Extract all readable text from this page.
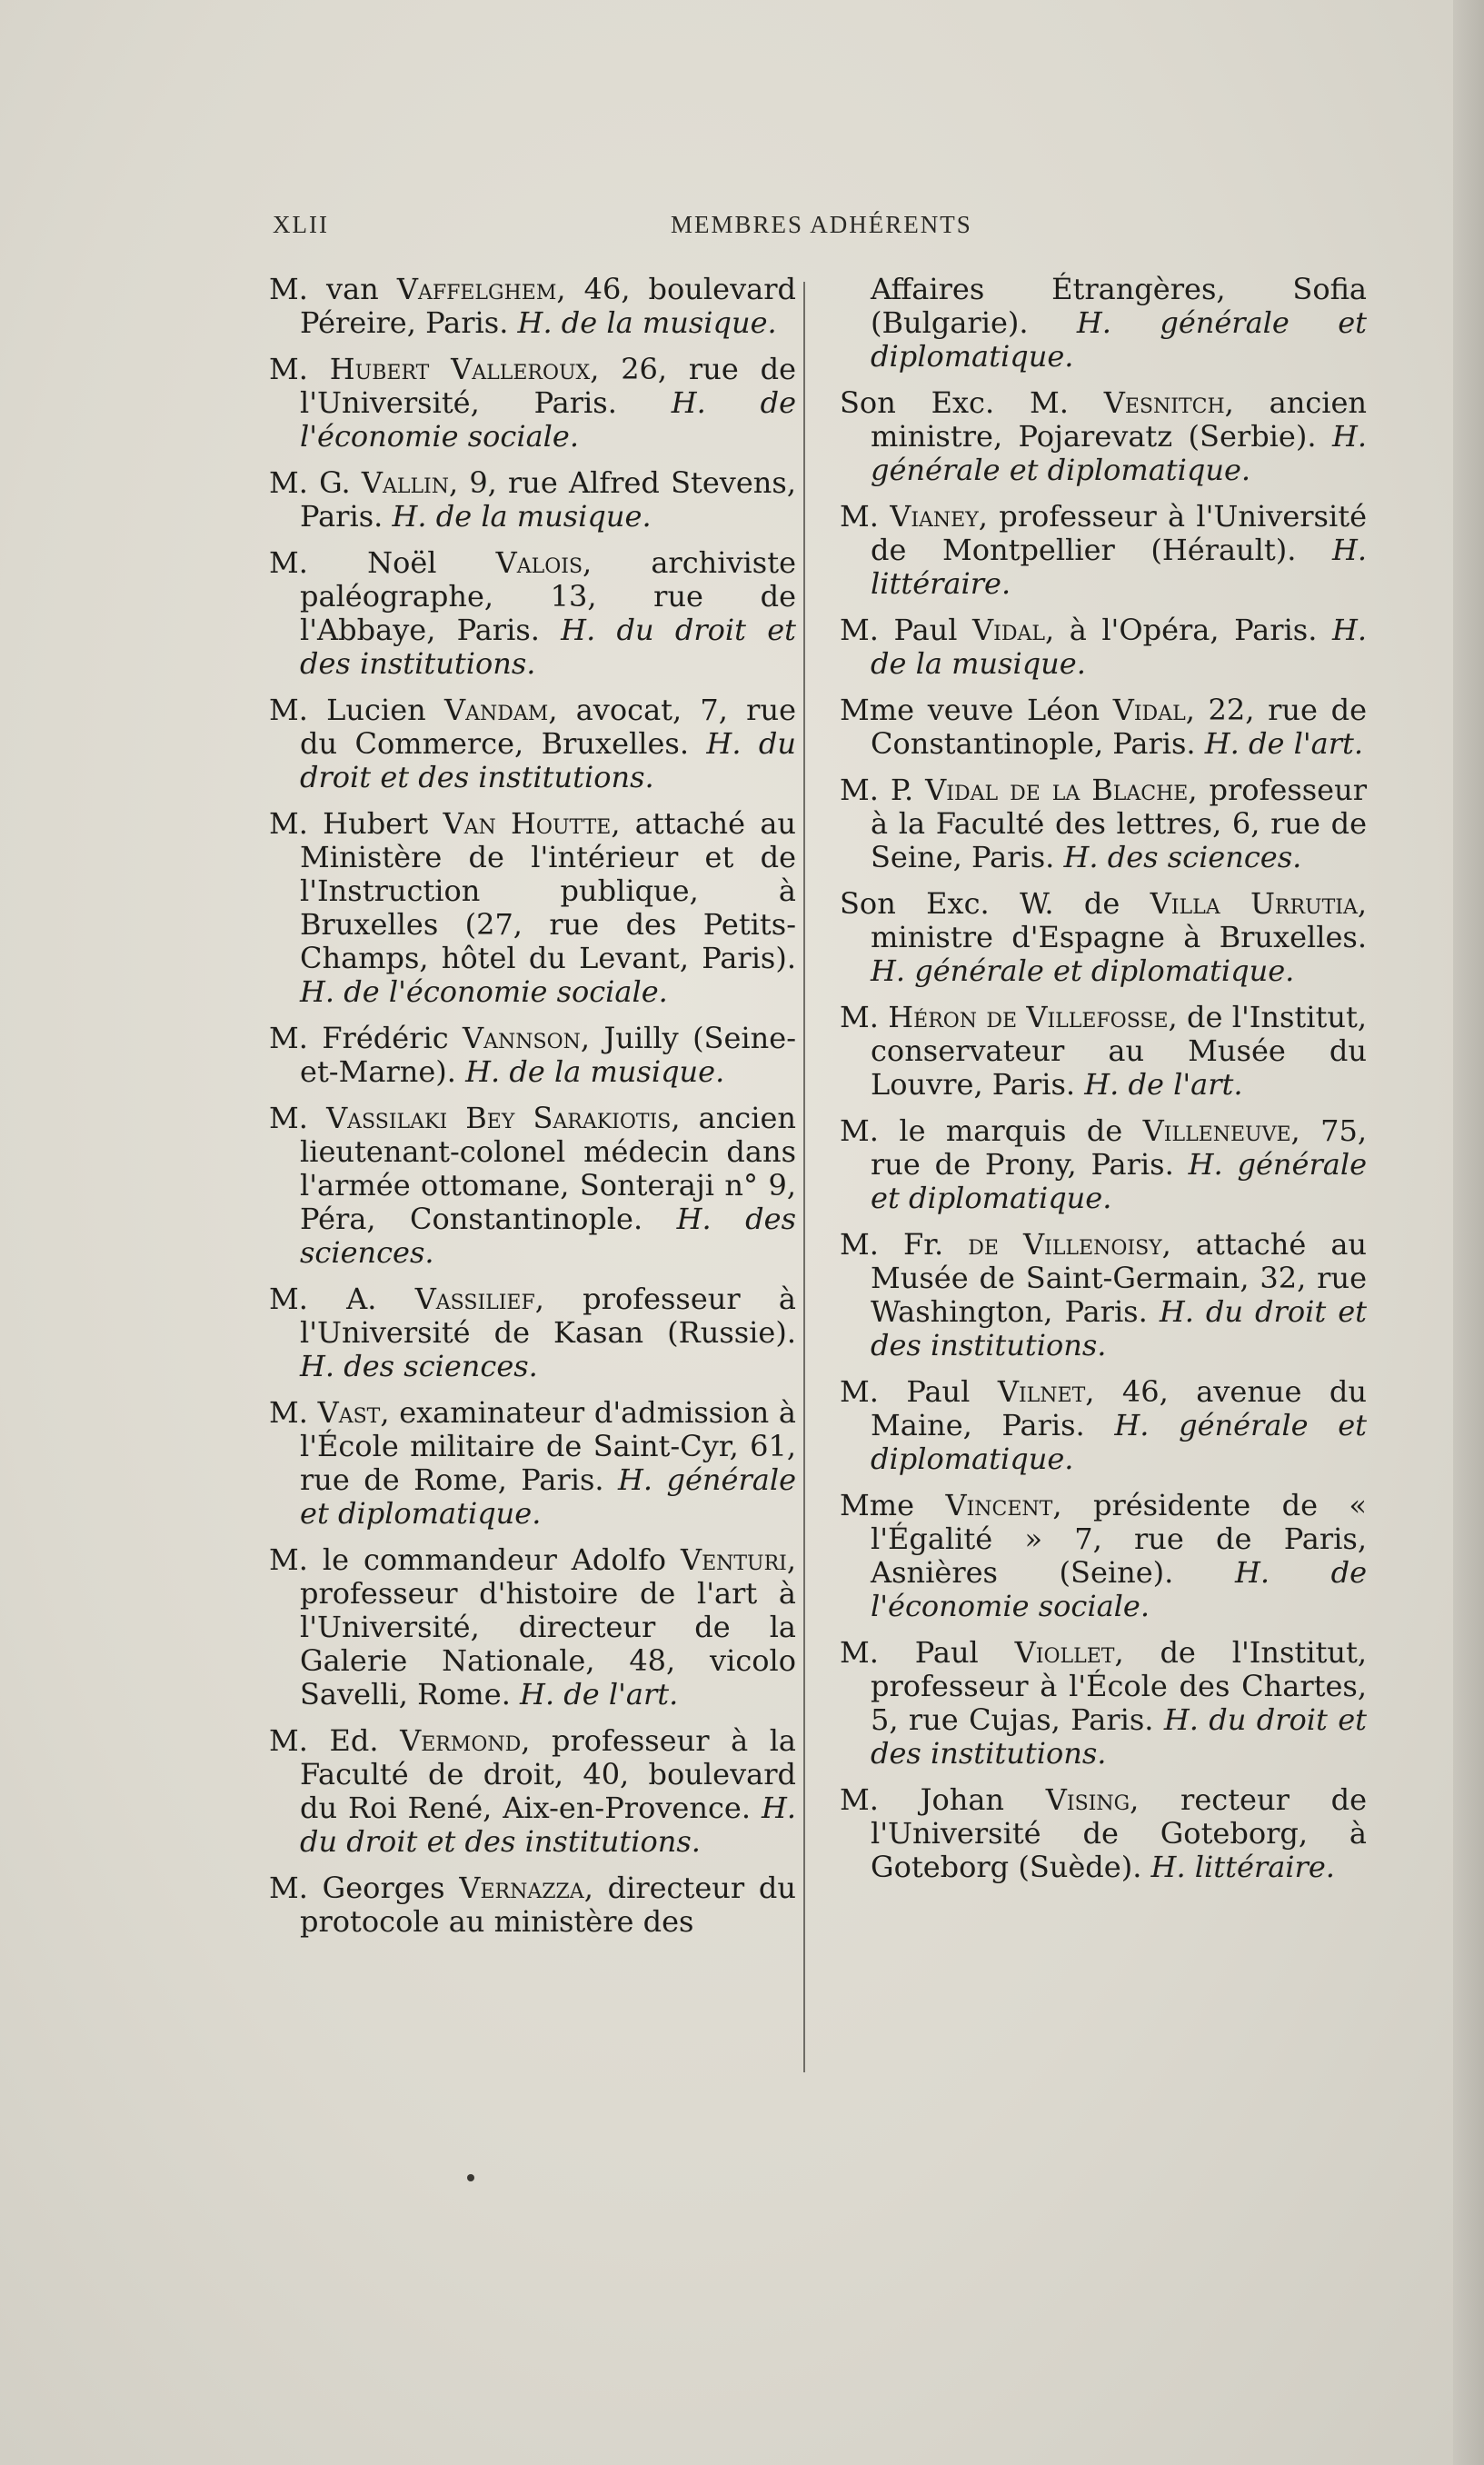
XLII	MEMBRES ADHÉRENTS

M. van Vaffelghem, 46, boulevard Péreire, Paris. H. de la musique.

M. Hubert Valleroux, 26, rue de l'Université, Paris. H. de l'économie sociale.

M. G. Vallin, 9, rue Alfred Stevens, Paris. H. de la musique.

M. Noël Valois, archiviste paléographe, 13, rue de l'Abbaye, Paris. H. du droit et des institutions.

M. Lucien Vandam, avocat, 7, rue du Commerce, Bruxelles. H. du droit et des institutions.

M. Hubert Van Houtte, attaché au Ministère de l'intérieur et de l'Instruction publique, à Bruxelles (27, rue des Petits-Champs, hôtel du Levant, Paris). H. de l'économie sociale.

M. Frédéric Vannson, Juilly (Seine-et-Marne). H. de la musique.

M. Vassilaki Bey Sarakiotis, ancien lieutenant-colonel médecin dans l'armée ottomane, Sonteraji n° 9, Péra, Constantinople. H. des sciences.

M. A. Vassilief, professeur à l'Université de Kasan (Russie). H. des sciences.

M. Vast, examinateur d'admission à l'École militaire de Saint-Cyr, 61, rue de Rome, Paris. H. générale et diplomatique.

M. le commandeur Adolfo Venturi, professeur d'histoire de l'art à l'Université, directeur de la Galerie Nationale, 48, vicolo Savelli, Rome. H. de l'art.

M. Ed. Vermond, professeur à la Faculté de droit, 40, boulevard du Roi René, Aix-en-Provence. H. du droit et des institutions.

M. Georges Vernazza, directeur du protocole au ministère des

Affaires Étrangères, Sofia (Bulgarie). H. générale et diplomatique.

Son Exc. M. Vesnitch, ancien ministre, Pojarevatz (Serbie). H. générale et diplomatique.

M. Vianey, professeur à l'Université de Montpellier (Hérault). H. littéraire.

M. Paul Vidal, à l'Opéra, Paris. H. de la musique.

Mme veuve Léon Vidal, 22, rue de Constantinople, Paris. H. de l'art.

M. P. Vidal de la Blache, professeur à la Faculté des lettres, 6, rue de Seine, Paris. H. des sciences.

Son Exc. W. de Villa Urrutia, ministre d'Espagne à Bruxelles. H. générale et diplomatique.

M. Héron de Villefosse, de l'Institut, conservateur au Musée du Louvre, Paris. H. de l'art.

M. le marquis de Villeneuve, 75, rue de Prony, Paris. H. générale et diplomatique.

M. Fr. de Villenoisy, attaché au Musée de Saint-Germain, 32, rue Washington, Paris. H. du droit et des institutions.

M. Paul Vilnet, 46, avenue du Maine, Paris. H. générale et diplomatique.

Mme Vincent, présidente de « l'Égalité » 7, rue de Paris, Asnières (Seine). H. de l'économie sociale.

M. Paul Viollet, de l'Institut, professeur à l'École des Chartes, 5, rue Cujas, Paris. H. du droit et des institutions.

M. Johan Vising, recteur de l'Université de Goteborg, à Goteborg (Suède). H. littéraire.
